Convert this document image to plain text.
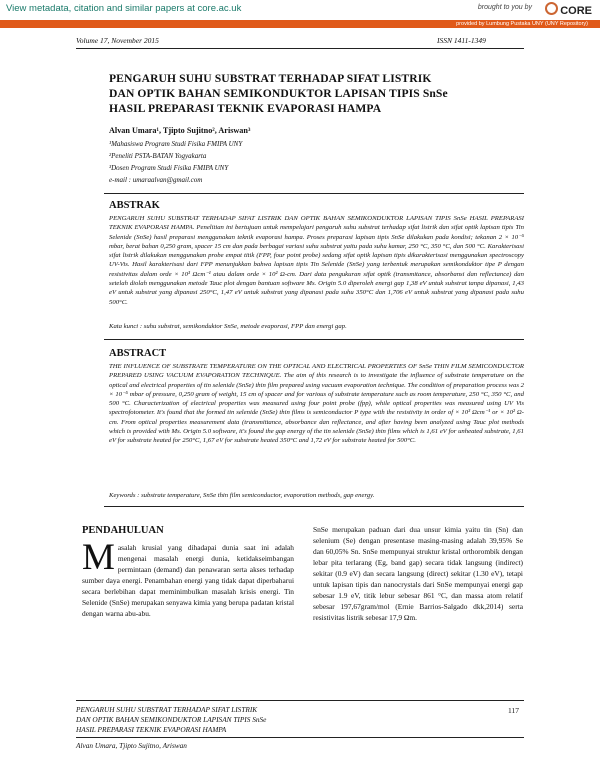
View metadata, citation and similar papers at core.ac.uk	brought to you by	CORE
provided by Lumbung Pustaka UNY (UNY Repository)
Volume 17, November 2015	ISSN 1411-1349
PENGARUH SUHU SUBSTRAT TERHADAP SIFAT LISTRIK
DAN OPTIK BAHAN SEMIKONDUKTOR LAPISAN TIPIS SnSe
HASIL PREPARASI TEKNIK EVAPORASI HAMPA
Alvan Umara¹, Tjipto Sujitno², Ariswan³
¹Mahasiswa Program Studi Fisika FMIPA UNY
²Peneliti PSTA-BATAN Yogyakarta
³Dosen Program Studi Fisika FMIPA UNY
e-mail : umaraalvan@gmail.com
ABSTRAK
PENGARUH SUHU SUBSTRAT TERHADAP SIFAT LISTRIK DAN OPTIK BAHAN SEMIKONDUKTOR LAPISAN TIPIS SnSe HASIL PREPARASI TEKNIK EVAPORASI HAMPA. Penelitian ini bertujuan untuk mempelajari pengaruh suhu substrat terhadap sifat listrik dan sifat optik lapisan tipis Tin Selenide (SnSe) hasil preparasi menggunakan teknik evaporasi hampa. Proses preparasi lapisan tipis SnSe dilakukan pada kondisi; tekanan 2 × 10⁻⁵ mbar, berat bahan 0,250 gram, spacer 15 cm dan pada berbagai variasi suhu substrat yaitu pada suhu kamar, 250 °C, 350 °C, dan 500 °C. Karakterisasi sifat listrik dilakukan menggunakan probe empat titik (FPP, four point probe) sedang sifat optik lapisan tipis dikarakterisasi menggunakan spectroscopy UV-Vis. Hasil karakterisasi dari FPP menunjukkan bahwa lapisan tipis Tin Selenide (SnSe) yang terbentuk merupakan semikonduktor tipe P dengan resistivitas dalam orde × 10³ Ωcm⁻¹ atau dalam orde × 10² Ω-cm. Dari data pengukuran sifat optik (transmitance, absorbansi dan reflectance) dan setelah diolah menggunakan metode Tauc plot dengan bantuan software Ms. Origin 5.0 diperoleh energi gap 1,38 eV untuk substrat tanpa dipanasi, 1,43 eV untuk substrat yang dipanasi 250°C, 1,47 eV untuk substrat yang dipanasi pada suhu 350°C dan 1,706 eV untuk substrat yang dipanasi pada suhu 500°C.
Kata kunci : suhu substrat, semikonduktor SnSe, metode evaporasi, FPP dan energi gap.
ABSTRACT
THE INFLUENCE OF SUBSTRATE TEMPERATURE ON THE OPTICAL AND ELECTRICAL PROPERTIES OF SnSe THIN FILM SEMICONDUCTOR PREPARED USING VACUUM EVAPORATION TECHNIQUE. The aim of this research is to investigate the influence of substrate temperature on the optical and electrical properties of tin selenide (SnSe) thin film prepared using vacuum evaporation technique. The condition of preparation process was 2 × 10⁻⁵ mbar of pressure, 0,250 gram of weight, 15 cm of spacer and for various of substrate temperature such as room temperature, 250 °C, 350 °C, and 500 °C. Characterization of electrical properties was measured using four point probe (fpp), while optical properties was measured using UV Vis spectrofotometer. It's found that the formed tin selenide (SnSe) thin films is semiconductor P type with the resistivity in order of × 10³ Ωcm⁻¹ or × 10² Ω-cm. From optical properties measurement data (transmittance, absorbance dan reflectance, and after having been analyzed using Tauc plot methods which is provided with Ms. Origin 5.0 software, it's found the gap energy of the tin selenide (SnSe) thin films which is 1,61 eV for unheated substrate, 1,61 eV for substrate heated for 250°C, 1,67 eV for substrate heated 350°C and 1,72 eV for substrate heated for 500°C.
Keywords : substrate temperature, SnSe thin film semiconductor, evaporation methods, gap energy.
PENDAHULUAN
Masalah krusial yang dihadapai dunia saat ini adalah mengenai masalah energi dunia, ketidakseimbangan permintaan (demand) dan penawaran serta akses terhadap sumber daya energi. Penambahan energi yang tidak dapat diperbaharui secara berlebihan dapat meminimbulkan masalah krisis energi. Tin Selenide (SnSe) merupakan senyawa kimia yang berupa padatan kristal dengan warna abu-abu.
SnSe merupakan paduan dari dua unsur kimia yaitu tin (Sn) dan selenium (Se) dengan presentase masing-masing adalah 39,95% Se dan 60,05% Sn. SnSe mempunyai struktur kristal orthorombik dengan lebar pita terlarang (Eg, band gap) secara tidak langsung (indirect) sekitar (0.9 eV) dan secara langsung (direct) sekitar (1.30 eV), tetapi untuk lapisan tipis dan nanocrystals dari SnSe mempunyai energi gap sebesar 1.9 eV, titik lebur sebesar 861 °C, dan massa atom relatif sebesar 197,67gram/mol (Ernie Barrios-Salgado dkk,2014) serta resistivitas listrik sebesar 17,9 Ωm.
PENGARUH SUHU SUBSTRAT TERHADAP SIFAT LISTRIK
DAN OPTIK BAHAN SEMIKONDUKTOR LAPISAN TIPIS SnSe
HASIL PREPARASI TEKNIK EVAPORASI HAMPA
117
Alvan Umara, Tjipto Sujitno, Ariswan
